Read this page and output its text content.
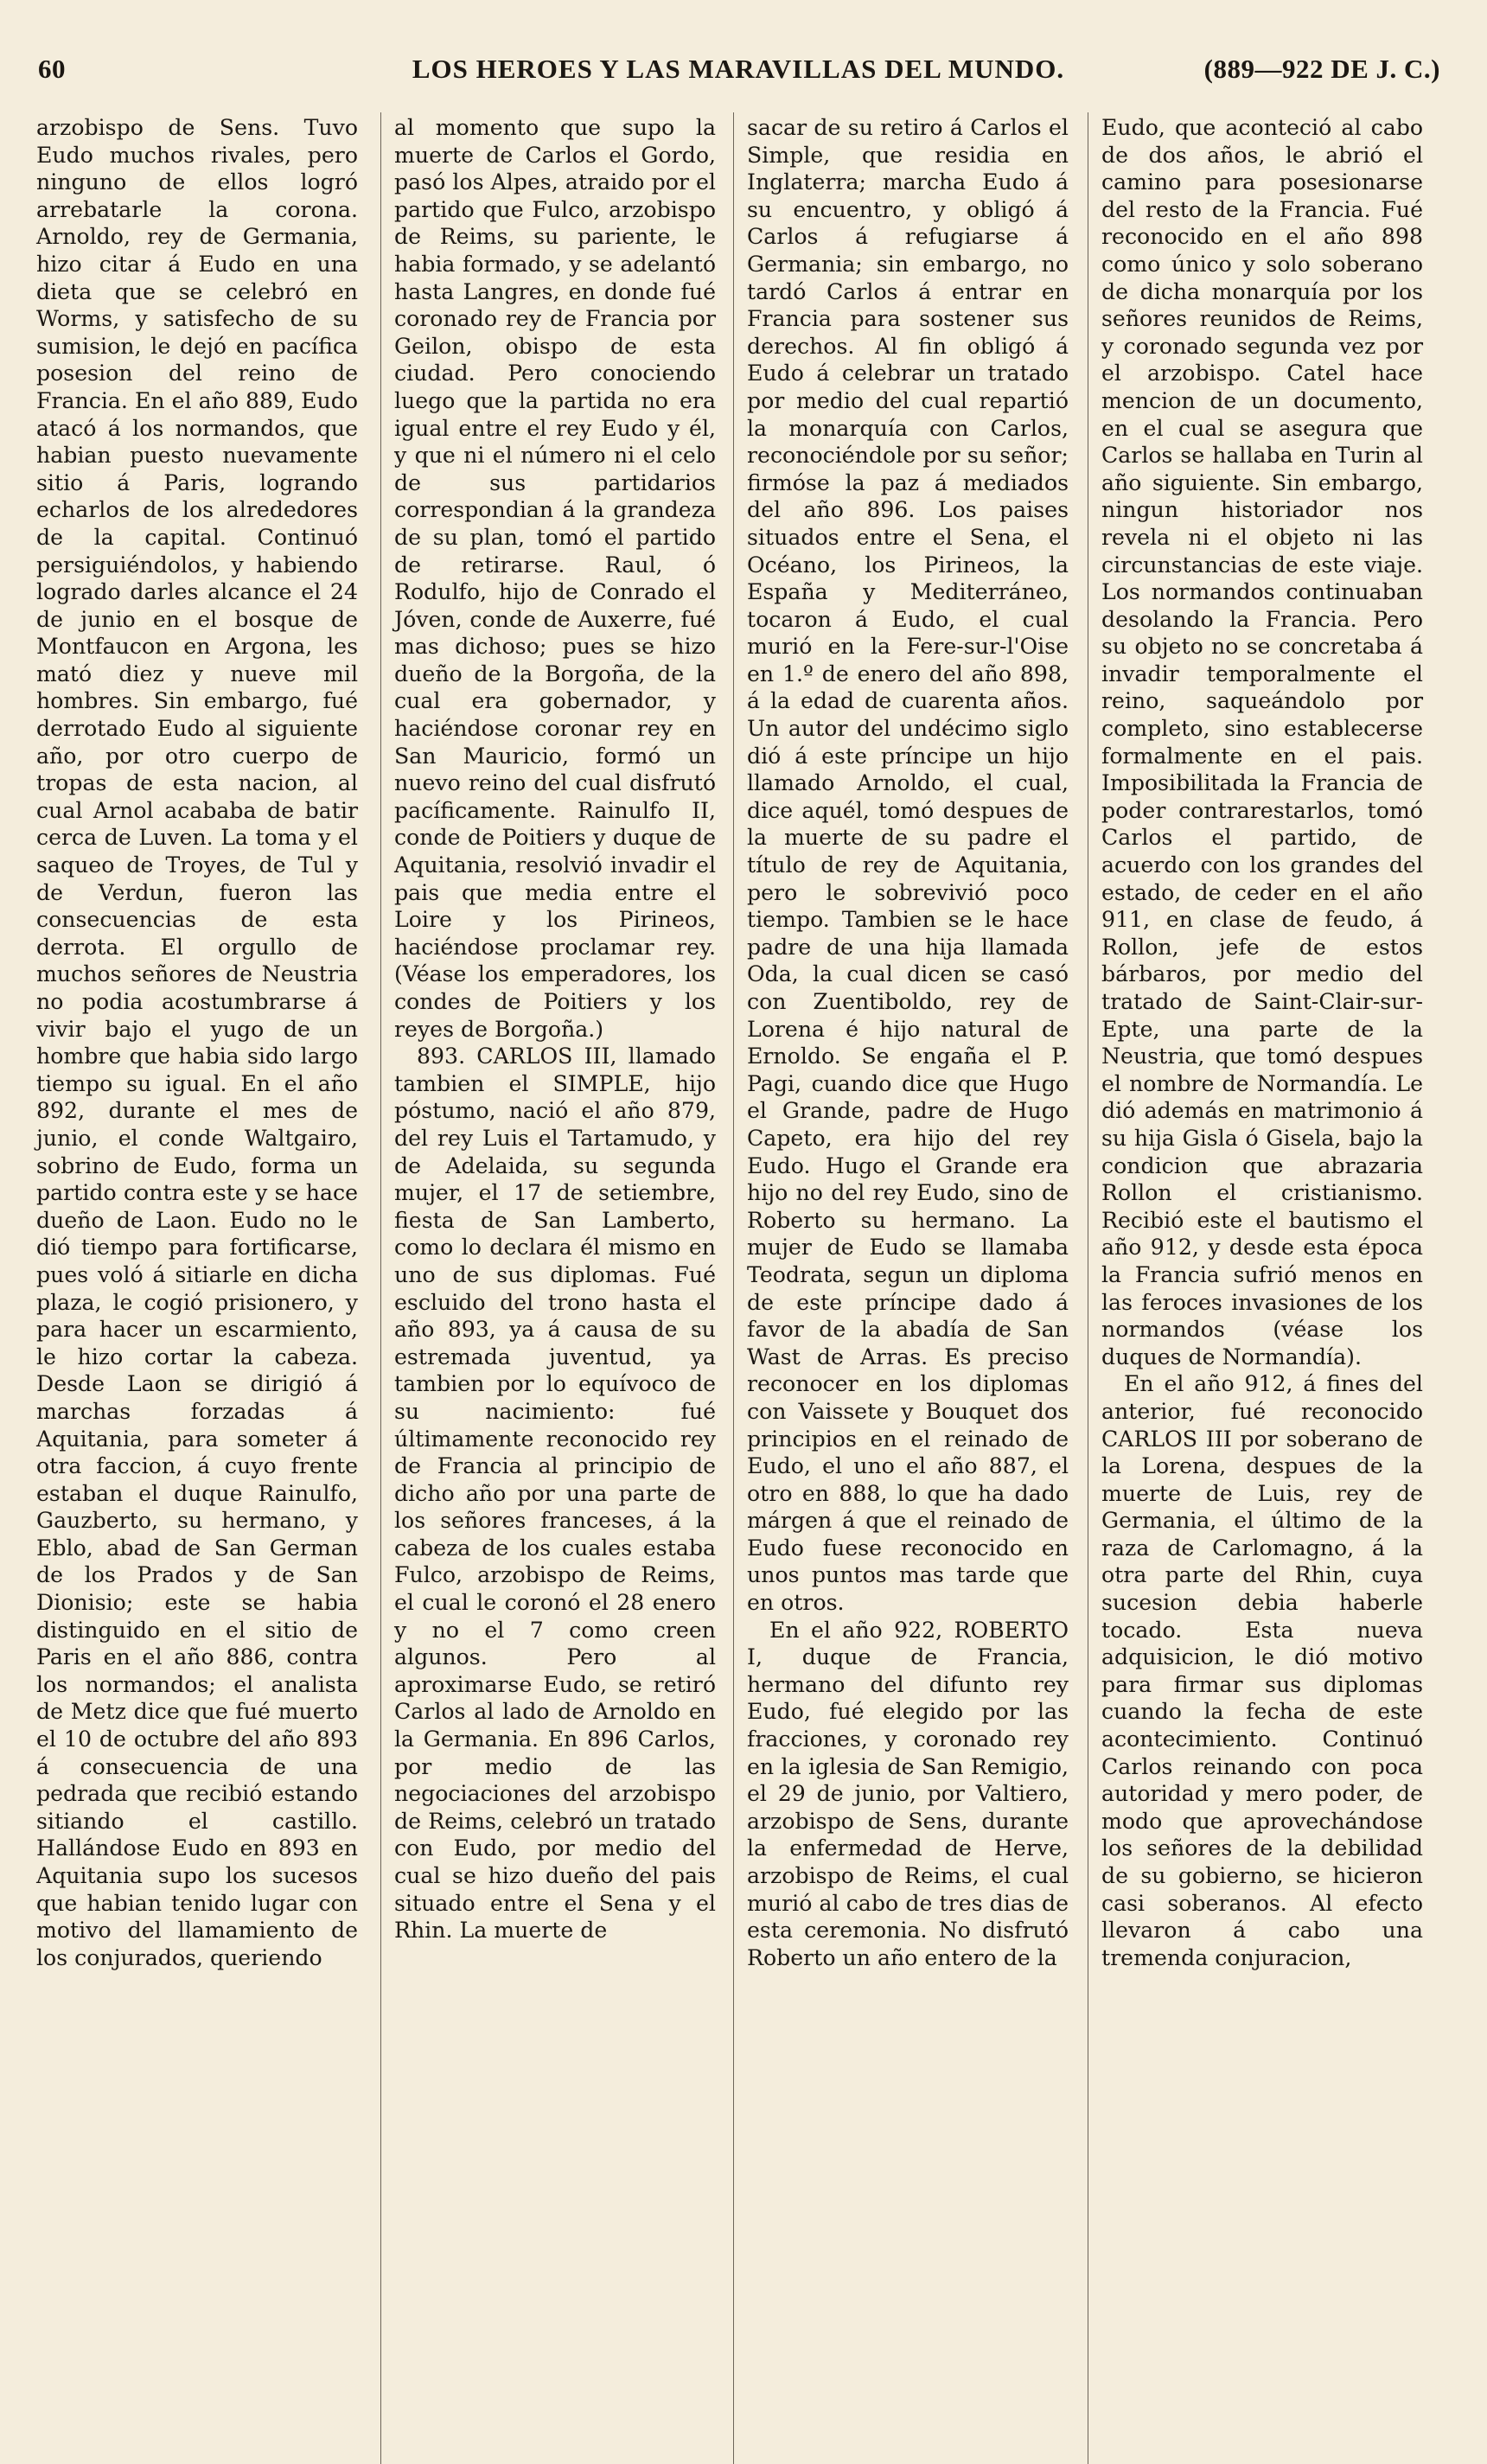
60	LOS HEROES Y LAS MARAVILLAS DEL MUNDO.	(889—922 DE J. C.)

arzobispo de Sens. Tuvo Eudo muchos rivales, pero ninguno de ellos logró arrebatarle la corona. Arnoldo, rey de Germania, hizo citar á Eudo en una dieta que se celebró en Worms, y satisfecho de su sumision, le dejó en pacífica posesion del reino de Francia. En el año 889, Eudo atacó á los normandos, que habian puesto nuevamente sitio á Paris, logrando echarlos de los alrededores de la capital. Continuó persiguiéndolos, y habiendo logrado darles alcance el 24 de junio en el bosque de Montfaucon en Argona, les mató diez y nueve mil hombres. Sin embargo, fué derrotado Eudo al siguiente año, por otro cuerpo de tropas de esta nacion, al cual Arnol acababa de batir cerca de Luven. La toma y el saqueo de Troyes, de Tul y de Verdun, fueron las consecuencias de esta derrota. El orgullo de muchos señores de Neustria no podia acostumbrarse á vivir bajo el yugo de un hombre que habia sido largo tiempo su igual. En el año 892, durante el mes de junio, el conde Waltgairo, sobrino de Eudo, forma un partido contra este y se hace dueño de Laon. Eudo no le dió tiempo para fortificarse, pues voló á sitiarle en dicha plaza, le cogió prisionero, y para hacer un escarmiento, le hizo cortar la cabeza. Desde Laon se dirigió á marchas forzadas á Aquitania, para someter á otra faccion, á cuyo frente estaban el duque Rainulfo, Gauzberto, su hermano, y Eblo, abad de San German de los Prados y de San Dionisio; este se habia distinguido en el sitio de Paris en el año 886, contra los normandos; el analista de Metz dice que fué muerto el 10 de octubre del año 893 á consecuencia de una pedrada que recibió estando sitiando el castillo. Hallándose Eudo en 893 en Aquitania supo los sucesos que habian tenido lugar con motivo del llamamiento de los conjurados, queriendo

al momento que supo la muerte de Carlos el Gordo, pasó los Alpes, atraido por el partido que Fulco, arzobispo de Reims, su pariente, le habia formado, y se adelantó hasta Langres, en donde fué coronado rey de Francia por Geilon, obispo de esta ciudad. Pero conociendo luego que la partida no era igual entre el rey Eudo y él, y que ni el número ni el celo de sus partidarios correspondian á la grandeza de su plan, tomó el partido de retirarse. Raul, ó Rodulfo, hijo de Conrado el Jóven, conde de Auxerre, fué mas dichoso; pues se hizo dueño de la Borgoña, de la cual era gobernador, y haciéndose coronar rey en San Mauricio, formó un nuevo reino del cual disfrutó pacíficamente. Rainulfo II, conde de Poitiers y duque de Aquitania, resolvió invadir el pais que media entre el Loire y los Pirineos, haciéndose proclamar rey. (Véase los emperadores, los condes de Poitiers y los reyes de Borgoña.)

893. CARLOS III, llamado tambien el SIMPLE, hijo póstumo, nació el año 879, del rey Luis el Tartamudo, y de Adelaida, su segunda mujer, el 17 de setiembre, fiesta de San Lamberto, como lo declara él mismo en uno de sus diplomas. Fué escluido del trono hasta el año 893, ya á causa de su estremada juventud, ya tambien por lo equívoco de su nacimiento: fué últimamente reconocido rey de Francia al principio de dicho año por una parte de los señores franceses, á la cabeza de los cuales estaba Fulco, arzobispo de Reims, el cual le coronó el 28 enero y no el 7 como creen algunos. Pero al aproximarse Eudo, se retiró Carlos al lado de Arnoldo en la Germania. En 896 Carlos, por medio de las negociaciones del arzobispo de Reims, celebró un tratado con Eudo, por medio del cual se hizo dueño del pais situado entre el Sena y el Rhin. La muerte de

sacar de su retiro á Carlos el Simple, que residia en Inglaterra; marcha Eudo á su encuentro, y obligó á Carlos á refugiarse á Germania; sin embargo, no tardó Carlos á entrar en Francia para sostener sus derechos. Al fin obligó á Eudo á celebrar un tratado por medio del cual repartió la monarquía con Carlos, reconociéndole por su señor; firmóse la paz á mediados del año 896. Los paises situados entre el Sena, el Océano, los Pirineos, la España y Mediterráneo, tocaron á Eudo, el cual murió en la Fere-sur-l'Oise en 1.º de enero del año 898, á la edad de cuarenta años. Un autor del undécimo siglo dió á este príncipe un hijo llamado Arnoldo, el cual, dice aquél, tomó despues de la muerte de su padre el título de rey de Aquitania, pero le sobrevivió poco tiempo. Tambien se le hace padre de una hija llamada Oda, la cual dicen se casó con Zuentiboldo, rey de Lorena é hijo natural de Ernoldo. Se engaña el P. Pagi, cuando dice que Hugo el Grande, padre de Hugo Capeto, era hijo del rey Eudo. Hugo el Grande era hijo no del rey Eudo, sino de Roberto su hermano. La mujer de Eudo se llamaba Teodrata, segun un diploma de este príncipe dado á favor de la abadía de San Wast de Arras. Es preciso reconocer en los diplomas con Vaissete y Bouquet dos principios en el reinado de Eudo, el uno el año 887, el otro en 888, lo que ha dado márgen á que el reinado de Eudo fuese reconocido en unos puntos mas tarde que en otros.

En el año 922, ROBERTO I, duque de Francia, hermano del difunto rey Eudo, fué elegido por las fracciones, y coronado rey en la iglesia de San Remigio, el 29 de junio, por Valtiero, arzobispo de Sens, durante la enfermedad de Herve, arzobispo de Reims, el cual murió al cabo de tres dias de esta ceremonia. No disfrutó Roberto un año entero de la

Eudo, que aconteció al cabo de dos años, le abrió el camino para posesionarse del resto de la Francia. Fué reconocido en el año 898 como único y solo soberano de dicha monarquía por los señores reunidos de Reims, y coronado segunda vez por el arzobispo. Catel hace mencion de un documento, en el cual se asegura que Carlos se hallaba en Turin al año siguiente. Sin embargo, ningun historiador nos revela ni el objeto ni las circunstancias de este viaje. Los normandos continuaban desolando la Francia. Pero su objeto no se concretaba á invadir temporalmente el reino, saqueándolo por completo, sino establecerse formalmente en el pais. Imposibilitada la Francia de poder contrarestarlos, tomó Carlos el partido, de acuerdo con los grandes del estado, de ceder en el año 911, en clase de feudo, á Rollon, jefe de estos bárbaros, por medio del tratado de Saint-Clair-sur-Epte, una parte de la Neustria, que tomó despues el nombre de Normandía. Le dió además en matrimonio á su hija Gisla ó Gisela, bajo la condicion que abrazaria Rollon el cristianismo. Recibió este el bautismo el año 912, y desde esta época la Francia sufrió menos en las feroces invasiones de los normandos (véase los duques de Normandía).

En el año 912, á fines del anterior, fué reconocido CARLOS III por soberano de la Lorena, despues de la muerte de Luis, rey de Germania, el último de la raza de Carlomagno, á la otra parte del Rhin, cuya sucesion debia haberle tocado. Esta nueva adquisicion, le dió motivo para firmar sus diplomas cuando la fecha de este acontecimiento. Continuó Carlos reinando con poca autoridad y mero poder, de modo que aprovechándose los señores de la debilidad de su gobierno, se hicieron casi soberanos. Al efecto llevaron á cabo una tremenda conjuracion,
